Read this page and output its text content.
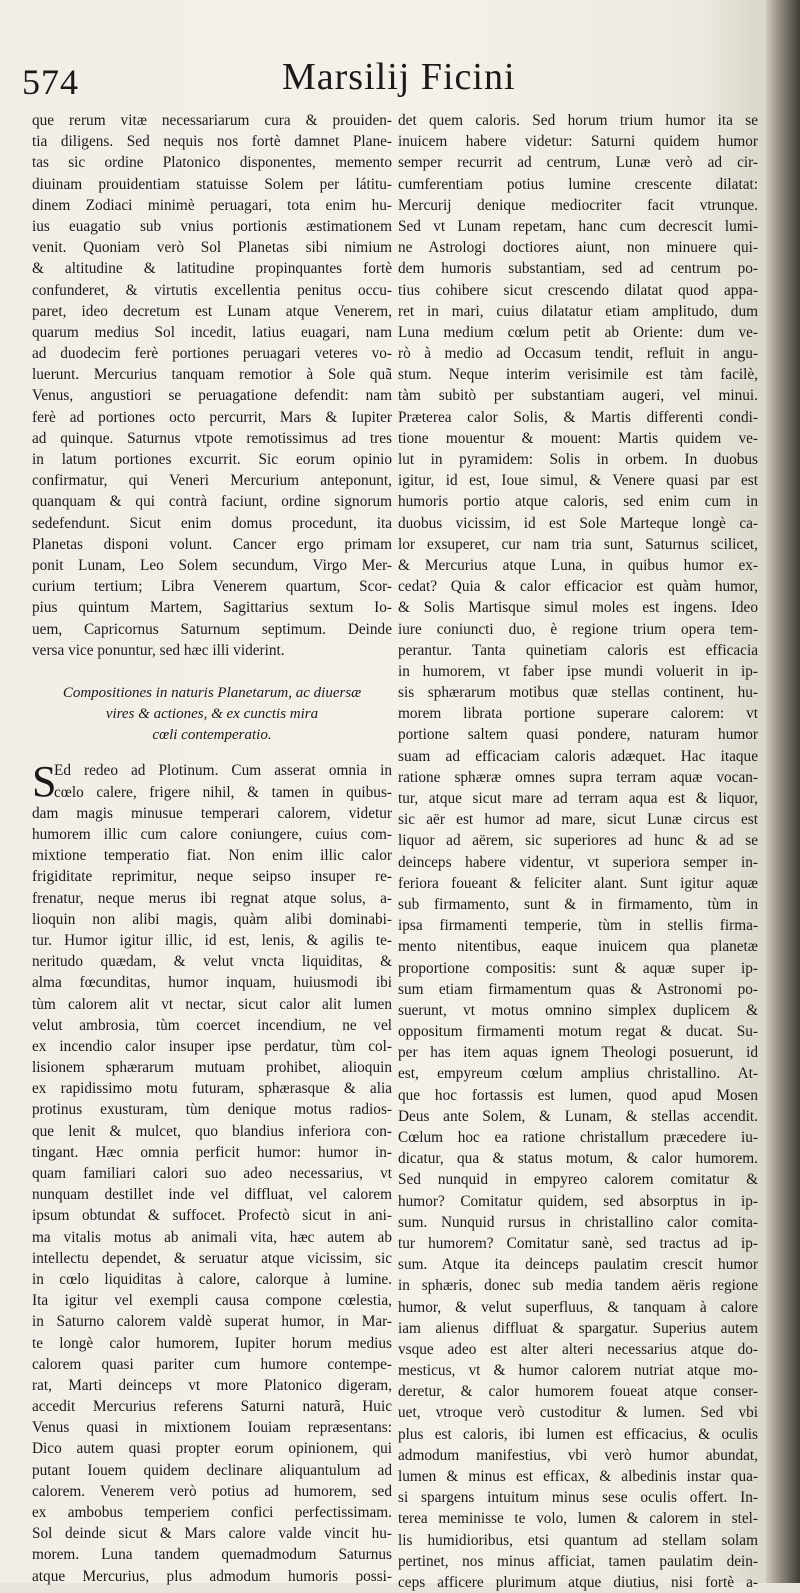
574	Marsilij Ficini
que rerum vitæ necessariarum cura & prouiden-
tia diligens. Sed nequis nos fortè damnet Plane-
tas sic ordine Platonico disponentes, memento
diuinam prouidentiam statuisse Solem per látitu-
dinem Zodiaci minimè peruagari, tota enim hu-
ius euagatio sub vnius portionis æstimationem
venit. Quoniam verò Sol Planetas sibi nimium
& altitudine & latitudine propinquantes fortè
confunderet, & virtutis excellentia penitus occu-
paret, ideo decretum est Lunam atque Venerem,
quarum medius Sol incedit, latius euagari, nam
ad duodecim ferè portiones peruagari veteres vo-
luerunt. Mercurius tanquam remotior à Sole quã
Venus, angustiori se peruagatione defendit: nam
ferè ad portiones octo percurrit, Mars & Iupiter
ad quinque. Saturnus vtpote remotissimus ad tres
in latum portiones excurrit. Sic eorum opinio
confirmatur, qui Veneri Mercurium anteponunt,
quanquam & qui contrà faciunt, ordine signorum
sedefendunt. Sicut enim domus procedunt, ita
Planetas disponi volunt. Cancer ergo primam
ponit Lunam, Leo Solem secundum, Virgo Mer-
curium tertium; Libra Venerem quartum, Scor-
pius quintum Martem, Sagittarius sextum Io-
uem, Capricornus Saturnum septimum. Deinde
versa vice ponuntur, sed hæc illi viderint.
Compositiones in naturis Planetarum, ac diuersæ
vires & actiones, & ex cunctis mira
cœli contemperatio.
S
Ed redeo ad Plotinum. Cum asserat omnia in
cœlo calere, frigere nihil, & tamen in quibus-
dam magis minusue temperari calorem, videtur
humorem illic cum calore coniungere, cuius com-
mixtione temperatio fiat. Non enim illic calor
frigiditate reprimitur, neque seipso insuper re-
frenatur, neque merus ibi regnat atque solus, a-
lioquin non alibi magis, quàm alibi dominabi-
tur. Humor igitur illic, id est, lenis, & agilis te-
neritudo quædam, & velut vncta liquiditas, &
alma fœcunditas, humor inquam, huiusmodi ibi
tùm calorem alit vt nectar, sicut calor alit lumen
velut ambrosia, tùm coercet incendium, ne vel
ex incendio calor insuper ipse perdatur, tùm col-
lisionem sphærarum mutuam prohibet, alioquin
ex rapidissimo motu futuram, sphærasque & alia
protinus exusturam, tùm denique motus radios-
que lenit & mulcet, quo blandius inferiora con-
tingant. Hæc omnia perficit humor: humor in-
quam familiari calori suo adeo necessarius, vt
nunquam destillet inde vel diffluat, vel calorem
ipsum obtundat & suffocet. Profectò sicut in ani-
ma vitalis motus ab animali vita, hæc autem ab
intellectu dependet, & seruatur atque vicissim, sic
in cœlo liquiditas à calore, calorque à lumine.
Ita igitur vel exempli causa compone cœlestia,
in Saturno calorem valdè superat humor, in Mar-
te longè calor humorem, Iupiter horum medius
calorem quasi pariter cum humore contempe-
rat, Marti deinceps vt more Platonico digeram,
accedit Mercurius referens Saturni naturã, Huic
Venus quasi in mixtionem Iouiam repræsentans:
Dico autem quasi propter eorum opinionem, qui
putant Iouem quidem declinare aliquantulum ad
calorem. Venerem verò potius ad humorem, sed
ex ambobus temperiem confici perfectissimam.
Sol deinde sicut & Mars calore valde vincit hu-
morem. Luna tandem quemadmodum Saturnus
atque Mercurius, plus admodum humoris possi-
det quem caloris. Sed horum trium humor ita se
inuicem habere videtur: Saturni quidem humor
semper recurrit ad centrum, Lunæ verò ad cir-
cumferentiam potius lumine crescente dilatat:
Mercurij denique mediocriter facit vtrunque.
Sed vt Lunam repetam, hanc cum decrescit lumi-
ne Astrologi doctiores aiunt, non minuere qui-
dem humoris substantiam, sed ad centrum po-
tius cohibere sicut crescendo dilatat quod appa-
ret in mari, cuius dilatatur etiam amplitudo, dum
Luna medium cœlum petit ab Oriente: dum ve-
rò à medio ad Occasum tendit, refluit in angu-
stum. Neque interim verisimile est tàm facilè,
tàm subitò per substantiam augeri, vel minui.
Præterea calor Solis, & Martis differenti condi-
tione mouentur & mouent: Martis quidem ve-
lut in pyramidem: Solis in orbem. In duobus
igitur, id est, Ioue simul, & Venere quasi par est
humoris portio atque caloris, sed enim cum in
duobus vicissim, id est Sole Marteque longè ca-
lor exsuperet, cur nam tria sunt, Saturnus scilicet,
& Mercurius atque Luna, in quibus humor ex-
cedat? Quia & calor efficacior est quàm humor,
& Solis Martisque simul moles est ingens. Ideo
iure coniuncti duo, è regione trium opera tem-
perantur. Tanta quinetiam caloris est efficacia
in humorem, vt faber ipse mundi voluerit in ip-
sis sphærarum motibus quæ stellas continent, hu-
morem librata portione superare calorem: vt
portione saltem quasi pondere, naturam humor
suam ad efficaciam caloris adæquet. Hac itaque
ratione sphæræ omnes supra terram aquæ vocan-
tur, atque sicut mare ad terram aqua est & liquor,
sic aër est humor ad mare, sicut Lunæ circus est
liquor ad aërem, sic superiores ad hunc & ad se
deinceps habere videntur, vt superiora semper in-
feriora foueant & feliciter alant. Sunt igitur aquæ
sub firmamento, sunt & in firmamento, tùm in
ipsa firmamenti temperie, tùm in stellis firma-
mento nitentibus, eaque inuicem qua planetæ
proportione compositis: sunt & aquæ super ip-
sum etiam firmamentum quas & Astronomi po-
suerunt, vt motus omnino simplex duplicem &
oppositum firmamenti motum regat & ducat. Su-
per has item aquas ignem Theologi posuerunt, id
est, empyreum cœlum amplius christallino. At-
que hoc fortassis est lumen, quod apud Mosen
Deus ante Solem, & Lunam, & stellas accendit.
Cœlum hoc ea ratione christallum præcedere iu-
dicatur, qua & status motum, & calor humorem.
Sed nunquid in empyreo calorem comitatur &
humor? Comitatur quidem, sed absorptus in ip-
sum. Nunquid rursus in christallino calor comita-
tur humorem? Comitatur sanè, sed tractus ad ip-
sum. Atque ita deinceps paulatim crescit humor
in sphæris, donec sub media tandem aëris regione
humor, & velut superfluus, & tanquam à calore
iam alienus diffluat & spargatur. Superius autem
vsque adeo est alter alteri necessarius atque do-
mesticus, vt & humor calorem nutriat atque mo-
deretur, & calor humorem foueat atque conser-
uet, vtroque verò custoditur & lumen. Sed vbi
plus est caloris, ibi lumen est efficacius, & oculis
admodum manifestius, vbi verò humor abundat,
lumen & minus est efficax, & albedinis instar qua-
si spargens intuitum minus sese oculis offert. In-
terea meminisse te volo, lumen & calorem in stel-
lis humidioribus, etsi quantum ad stellam solam
pertinet, nos minus afficiat, tamen paulatim dein-
ceps afficere plurimum atque diutius, nisi fortè a-
